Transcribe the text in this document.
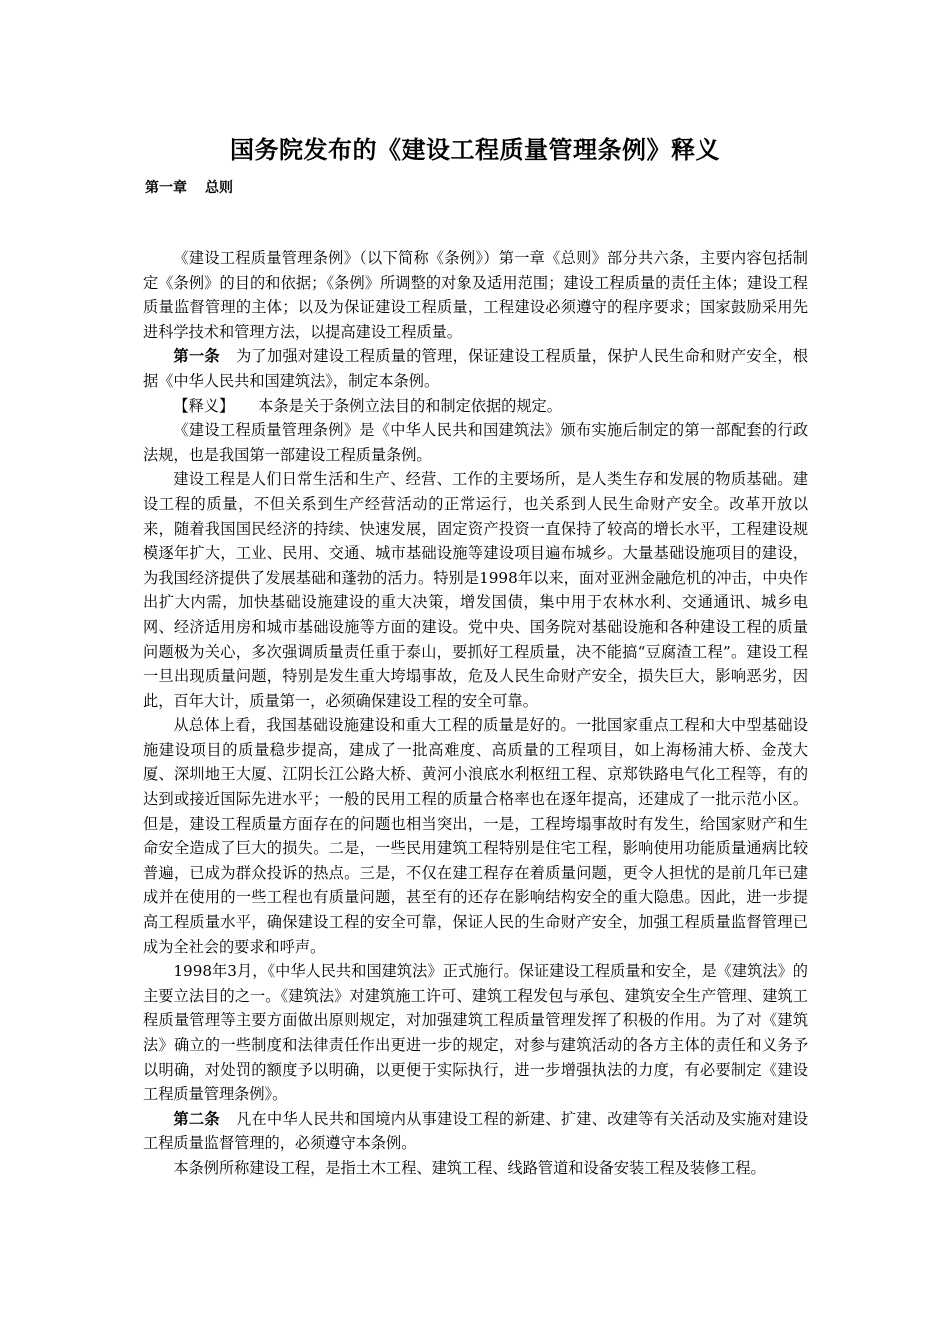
国务院发布的《建设工程质量管理条例》释义
第一章 总则

《建设工程质量管理条例》（以下简称《条例》）第一章《总则》部分共六条，主要内容包括制定《条例》的目的和依据；《条例》所调整的对象及适用范围；建设工程质量的责任主体；建设工程质量监督管理的主体；以及为保证建设工程质量，工程建设必须遵守的程序要求；国家鼓励采用先进科学技术和管理方法，以提高建设工程质量。

第一条 为了加强对建设工程质量的管理，保证建设工程质量，保护人民生命和财产安全，根据《中华人民共和国建筑法》，制定本条例。

【释义】 本条是关于条例立法目的和制定依据的规定。

《建设工程质量管理条例》是《中华人民共和国建筑法》颁布实施后制定的第一部配套的行政法规，也是我国第一部建设工程质量条例。

建设工程是人们日常生活和生产、经营、工作的主要场所，是人类生存和发展的物质基础。建设工程的质量，不但关系到生产经营活动的正常运行，也关系到人民生命财产安全。改革开放以来，随着我国国民经济的持续、快速发展，固定资产投资一直保持了较高的增长水平，工程建设规模逐年扩大，工业、民用、交通、城市基础设施等建设项目遍布城乡。大量基础设施项目的建设，为我国经济提供了发展基础和蓬勃的活力。特别是1998年以来，面对亚洲金融危机的冲击，中央作出扩大内需，加快基础设施建设的重大决策，增发国债，集中用于农林水利、交通通讯、城乡电网、经济适用房和城市基础设施等方面的建设。党中央、国务院对基础设施和各种建设工程的质量问题极为关心，多次强调质量责任重于泰山，要抓好工程质量，决不能搞“豆腐渣工程”。建设工程一旦出现质量问题，特别是发生重大垮塌事故，危及人民生命财产安全，损失巨大，影响恶劣，因此，百年大计，质量第一，必须确保建设工程的安全可靠。

从总体上看，我国基础设施建设和重大工程的质量是好的。一批国家重点工程和大中型基础设施建设项目的质量稳步提高，建成了一批高难度、高质量的工程项目，如上海杨浦大桥、金茂大厦、深圳地王大厦、江阴长江公路大桥、黄河小浪底水利枢纽工程、京郑铁路电气化工程等，有的达到或接近国际先进水平；一般的民用工程的质量合格率也在逐年提高，还建成了一批示范小区。但是，建设工程质量方面存在的问题也相当突出，一是，工程垮塌事故时有发生，给国家财产和生命安全造成了巨大的损失。二是，一些民用建筑工程特别是住宅工程，影响使用功能质量通病比较普遍，已成为群众投诉的热点。三是，不仅在建工程存在着质量问题，更令人担忧的是前几年已建成并在使用的一些工程也有质量问题，甚至有的还存在影响结构安全的重大隐患。因此，进一步提高工程质量水平，确保建设工程的安全可靠，保证人民的生命财产安全，加强工程质量监督管理已成为全社会的要求和呼声。

1998年3月，《中华人民共和国建筑法》正式施行。保证建设工程质量和安全，是《建筑法》的主要立法目的之一。《建筑法》对建筑施工许可、建筑工程发包与承包、建筑安全生产管理、建筑工程质量管理等主要方面做出原则规定，对加强建筑工程质量管理发挥了积极的作用。为了对《建筑法》确立的一些制度和法律责任作出更进一步的规定，对参与建筑活动的各方主体的责任和义务予以明确，对处罚的额度予以明确，以更便于实际执行，进一步增强执法的力度，有必要制定《建设工程质量管理条例》。

第二条 凡在中华人民共和国境内从事建设工程的新建、扩建、改建等有关活动及实施对建设工程质量监督管理的，必须遵守本条例。

本条例所称建设工程，是指土木工程、建筑工程、线路管道和设备安装工程及装修工程。
